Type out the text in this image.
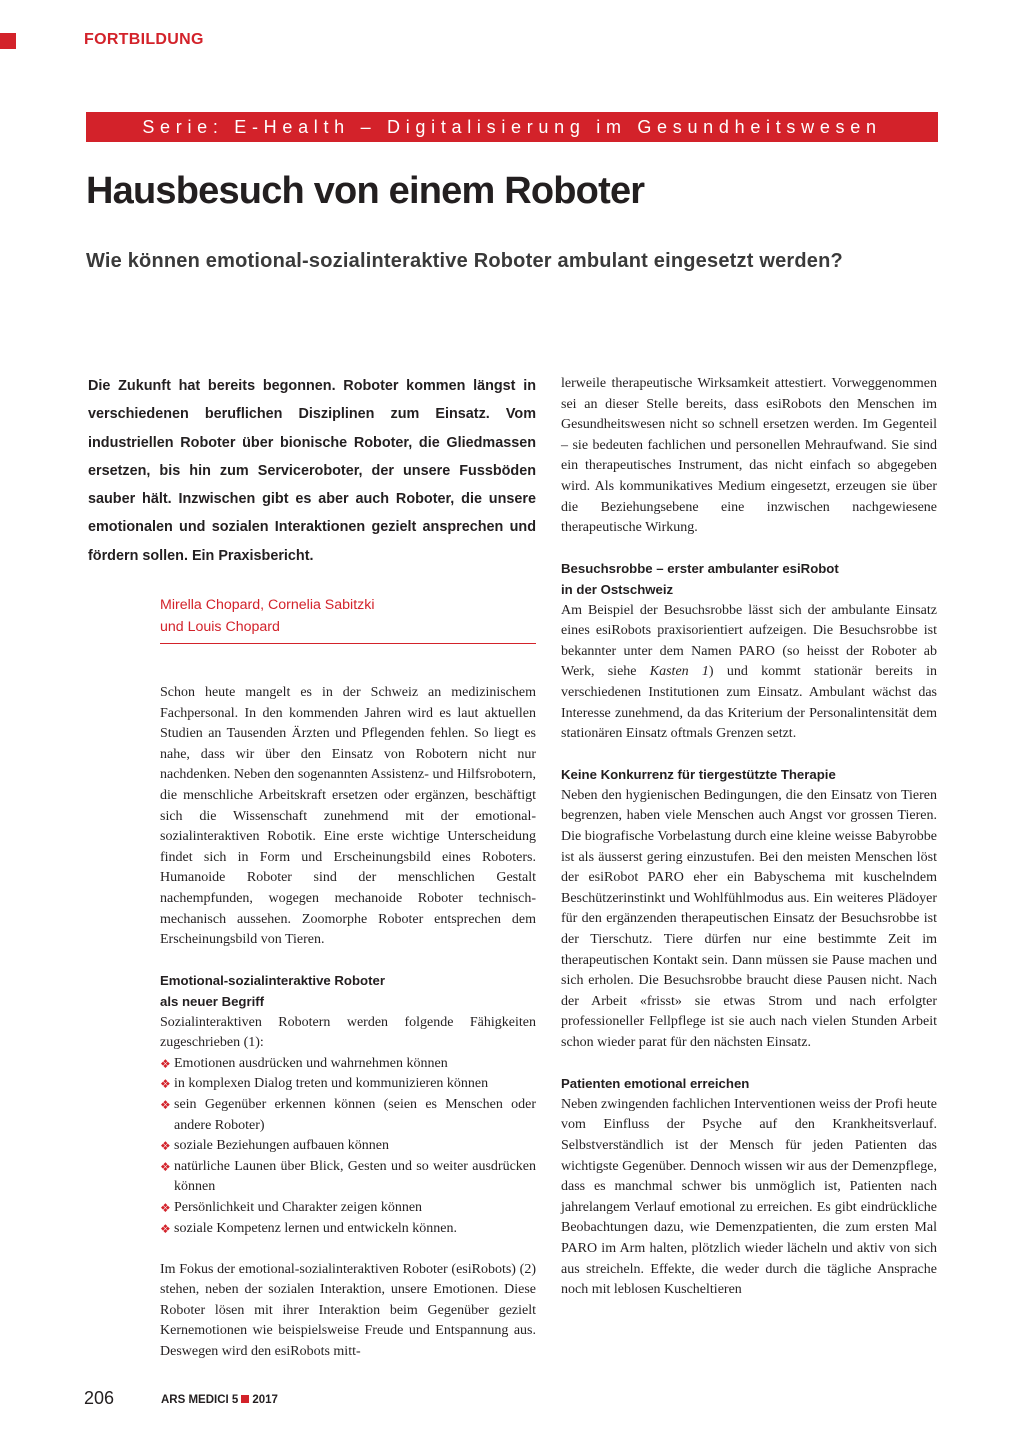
FORTBILDUNG
Serie: E-Health – Digitalisierung im Gesundheitswesen
Hausbesuch von einem Roboter
Wie können emotional-sozialinteraktive Roboter ambulant eingesetzt werden?

Die Zukunft hat bereits begonnen. Roboter kommen längst in verschiedenen beruflichen Disziplinen zum Einsatz. Vom industriellen Roboter über bionische Roboter, die Gliedmassen ersetzen, bis hin zum Serviceroboter, der unsere Fussböden sauber hält. Inzwischen gibt es aber auch Roboter, die unsere emotionalen und sozialen Interaktionen gezielt ansprechen und fördern sollen. Ein Praxisbericht.

Mirella Chopard, Cornelia Sabitzki
und Louis Chopard

Schon heute mangelt es in der Schweiz an medizinischem Fachpersonal. In den kommenden Jahren wird es laut aktuellen Studien an Tausenden Ärzten und Pflegenden fehlen. So liegt es nahe, dass wir über den Einsatz von Robotern nicht nur nachdenken. Neben den sogenannten Assistenz- und Hilfsrobotern, die menschliche Arbeitskraft ersetzen oder ergänzen, beschäftigt sich die Wissenschaft zunehmend mit der emotional-sozialinteraktiven Robotik. Eine erste wichtige Unterscheidung findet sich in Form und Erscheinungsbild eines Roboters. Humanoide Roboter sind der menschlichen Gestalt nachempfunden, wogegen mechanoide Roboter technisch-mechanisch aussehen. Zoomorphe Roboter entsprechen dem Erscheinungsbild von Tieren.

Emotional-sozialinteraktive Roboter
als neuer Begriff

Sozialinteraktiven Robotern werden folgende Fähigkeiten zugeschrieben (1):

❖ Emotionen ausdrücken und wahrnehmen können
❖ in komplexen Dialog treten und kommunizieren können
❖ sein Gegenüber erkennen können (seien es Menschen oder andere Roboter)
❖ soziale Beziehungen aufbauen können
❖ natürliche Launen über Blick, Gesten und so weiter ausdrücken können
❖ Persönlichkeit und Charakter zeigen können
❖ soziale Kompetenz lernen und entwickeln können.

Im Fokus der emotional-sozialinteraktiven Roboter (esiRobots) (2) stehen, neben der sozialen Interaktion, unsere Emotionen. Diese Roboter lösen mit ihrer Interaktion beim Gegenüber gezielt Kernemotionen wie beispielsweise Freude und Entspannung aus. Deswegen wird den esiRobots mitt-

lerweile therapeutische Wirksamkeit attestiert. Vorweggenommen sei an dieser Stelle bereits, dass esiRobots den Menschen im Gesundheitswesen nicht so schnell ersetzen werden. Im Gegenteil – sie bedeuten fachlichen und personellen Mehraufwand. Sie sind ein therapeutisches Instrument, das nicht einfach so abgegeben wird. Als kommunikatives Medium eingesetzt, erzeugen sie über die Beziehungsebene eine inzwischen nachgewiesene therapeutische Wirkung.

Besuchsrobbe – erster ambulanter esiRobot
in der Ostschweiz

Am Beispiel der Besuchsrobbe lässt sich der ambulante Einsatz eines esiRobots praxisorientiert aufzeigen. Die Besuchsrobbe ist bekannter unter dem Namen PARO (so heisst der Roboter ab Werk, siehe Kasten 1) und kommt stationär bereits in verschiedenen Institutionen zum Einsatz. Ambulant wächst das Interesse zunehmend, da das Kriterium der Personalintensität dem stationären Einsatz oftmals Grenzen setzt.

Keine Konkurrenz für tiergestützte Therapie

Neben den hygienischen Bedingungen, die den Einsatz von Tieren begrenzen, haben viele Menschen auch Angst vor grossen Tieren. Die biografische Vorbelastung durch eine kleine weisse Babyrobbe ist als äusserst gering einzustufen. Bei den meisten Menschen löst der esiRobot PARO eher ein Babyschema mit kuschelndem Beschützerinstinkt und Wohlfühlmodus aus. Ein weiteres Plädoyer für den ergänzenden therapeutischen Einsatz der Besuchsrobbe ist der Tierschutz. Tiere dürfen nur eine bestimmte Zeit im therapeutischen Kontakt sein. Dann müssen sie Pause machen und sich erholen. Die Besuchsrobbe braucht diese Pausen nicht. Nach der Arbeit «frisst» sie etwas Strom und nach erfolgter professioneller Fellpflege ist sie auch nach vielen Stunden Arbeit schon wieder parat für den nächsten Einsatz.

Patienten emotional erreichen

Neben zwingenden fachlichen Interventionen weiss der Profi heute vom Einfluss der Psyche auf den Krankheitsverlauf. Selbstverständlich ist der Mensch für jeden Patienten das wichtigste Gegenüber. Dennoch wissen wir aus der Demenzpflege, dass es manchmal schwer bis unmöglich ist, Patienten nach jahrelangem Verlauf emotional zu erreichen. Es gibt eindrückliche Beobachtungen dazu, wie Demenzpatienten, die zum ersten Mal PARO im Arm halten, plötzlich wieder lächeln und aktiv von sich aus streicheln. Effekte, die weder durch die tägliche Ansprache noch mit leblosen Kuscheltieren

206	ARS MEDICI 5 2017
